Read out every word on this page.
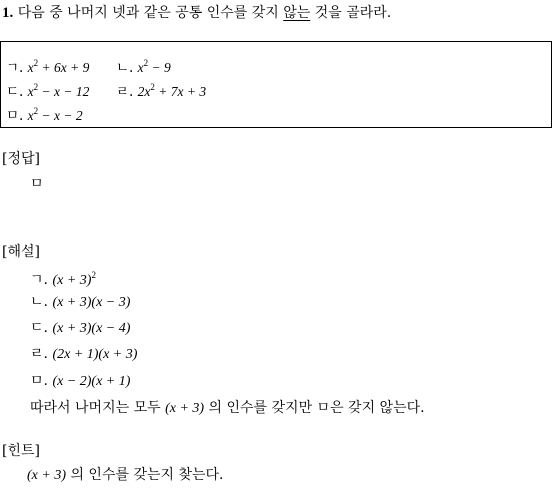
1. 다음 중 나머지 넷과 같은 공통 인수를 갖지 않는 것을 골라라.
ㄱ. $x^2 + 6x + 9$ ㄴ. $x^2 - 9$
ㄷ. $x^2 - x - 12$ ㄹ. $2x^2 + 7x + 3$
ㅁ. $x^2 - x - 2$
[정답]
ㅁ
[해설]
ㄱ. $(x + 3)^2$
ㄴ. (x + 3)(x − 3)
ㄷ. (x + 3)(x − 4)
ㄹ. (2x + 1)(x + 3)
ㅁ. (x − 2)(x + 1)
따라서 나머지는 모두 (x + 3) 의 인수를 갖지만 ㅁ은 갖지 않는다.
[힌트]
(x + 3) 의 인수를 갖는지 찾는다.
